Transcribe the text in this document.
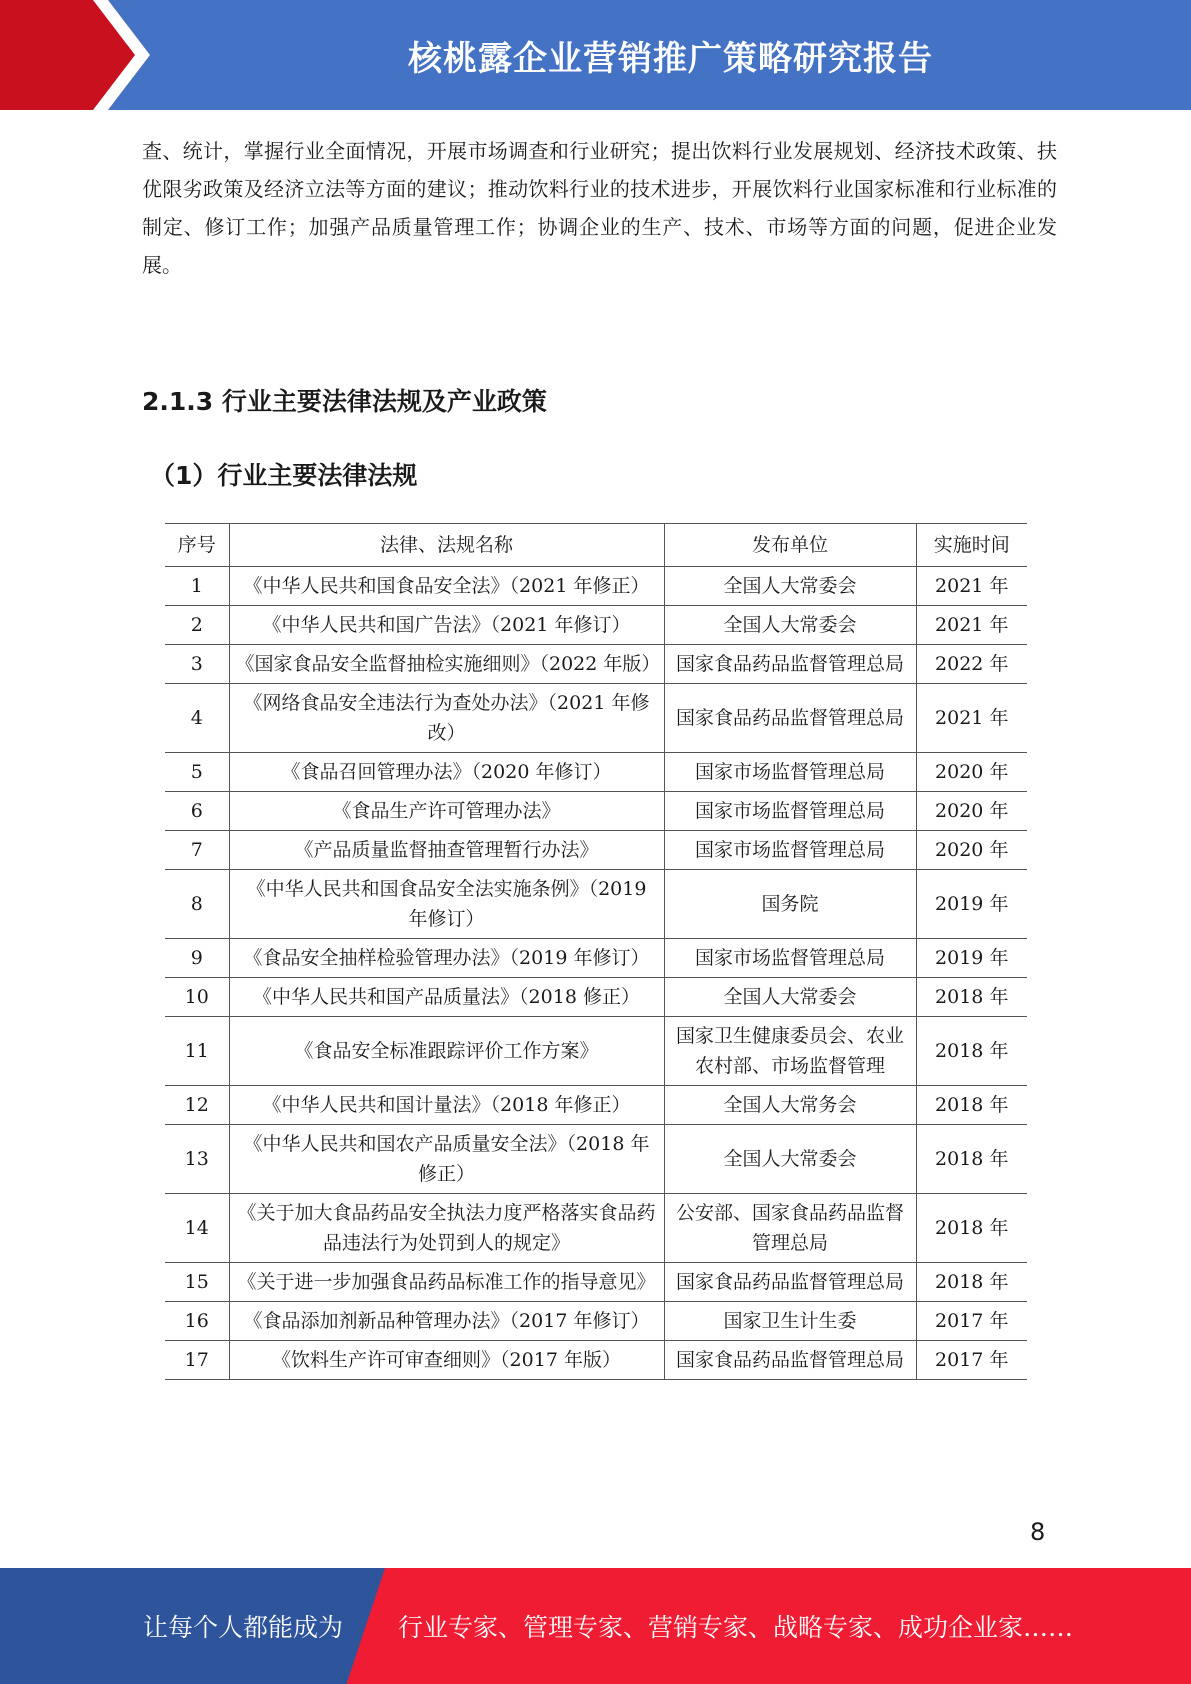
核桃露企业营销推广策略研究报告
查、统计，掌握行业全面情况，开展市场调查和行业研究；提出饮料行业发展规划、经济技术政策、扶优限劣政策及经济立法等方面的建议；推动饮料行业的技术进步，开展饮料行业国家标准和行业标准的制定、修订工作；加强产品质量管理工作；协调企业的生产、技术、市场等方面的问题，促进企业发展。
2.1.3 行业主要法律法规及产业政策
（1）行业主要法律法规
序号	法律、法规名称	发布单位	实施时间
1	《中华人民共和国食品安全法》（2021 年修正）	全国人大常委会	2021 年
2	《中华人民共和国广告法》（2021 年修订）	全国人大常委会	2021 年
3	《国家食品安全监督抽检实施细则》（2022 年版）	国家食品药品监督管理总局	2022 年
4	《网络食品安全违法行为查处办法》（2021 年修改）	国家食品药品监督管理总局	2021 年
5	《食品召回管理办法》（2020 年修订）	国家市场监督管理总局	2020 年
6	《食品生产许可管理办法》	国家市场监督管理总局	2020 年
7	《产品质量监督抽查管理暂行办法》	国家市场监督管理总局	2020 年
8	《中华人民共和国食品安全法实施条例》（2019 年修订）	国务院	2019 年
9	《食品安全抽样检验管理办法》（2019 年修订）	国家市场监督管理总局	2019 年
10	《中华人民共和国产品质量法》（2018 修正）	全国人大常委会	2018 年
11	《食品安全标准跟踪评价工作方案》	国家卫生健康委员会、农业农村部、市场监督管理	2018 年
12	《中华人民共和国计量法》（2018 年修正）	全国人大常务会	2018 年
13	《中华人民共和国农产品质量安全法》（2018 年修正）	全国人大常委会	2018 年
14	《关于加大食品药品安全执法力度严格落实食品药品违法行为处罚到人的规定》	公安部、国家食品药品监督管理总局	2018 年
15	《关于进一步加强食品药品标准工作的指导意见》	国家食品药品监督管理总局	2018 年
16	《食品添加剂新品种管理办法》（2017 年修订）	国家卫生计生委	2017 年
17	《饮料生产许可审查细则》（2017 年版）	国家食品药品监督管理总局	2017 年
8
让每个人都能成为 行业专家、管理专家、营销专家、战略专家、成功企业家……
